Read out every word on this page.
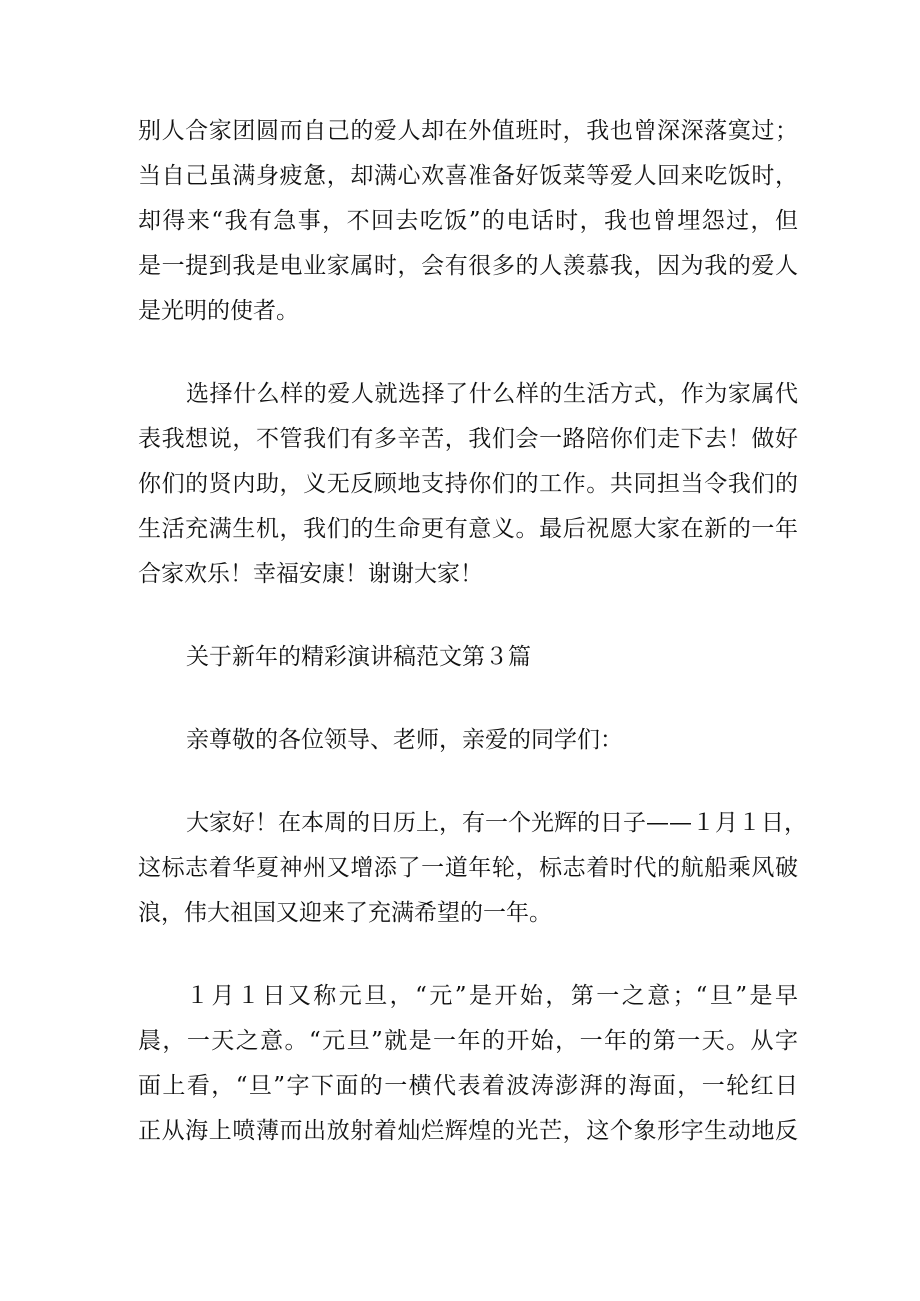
别人合家团圆而自己的爱人却在外值班时，我也曾深深落寞过；
当自己虽满身疲惫，却满心欢喜准备好饭菜等爱人回来吃饭时，
却得来“我有急事，不回去吃饭”的电话时，我也曾埋怨过，但
是一提到我是电业家属时，会有很多的人羡慕我，因为我的爱人
是光明的使者。
选择什么样的爱人就选择了什么样的生活方式，作为家属代
表我想说，不管我们有多辛苦，我们会一路陪你们走下去！做好
你们的贤内助，义无反顾地支持你们的工作。共同担当令我们的
生活充满生机，我们的生命更有意义。最后祝愿大家在新的一年
合家欢乐！幸福安康！谢谢大家！
关于新年的精彩演讲稿范文第３篇
亲尊敬的各位领导、老师，亲爱的同学们：
大家好！在本周的日历上，有一个光辉的日子——１月１日，
这标志着华夏神州又增添了一道年轮，标志着时代的航船乘风破
浪，伟大祖国又迎来了充满希望的一年。
１月１日又称元旦，“元”是开始，第一之意；“旦”是早
晨，一天之意。“元旦”就是一年的开始，一年的第一天。从字
面上看，“旦”字下面的一横代表着波涛澎湃的海面，一轮红日
正从海上喷薄而出放射着灿烂辉煌的光芒，这个象形字生动地反
